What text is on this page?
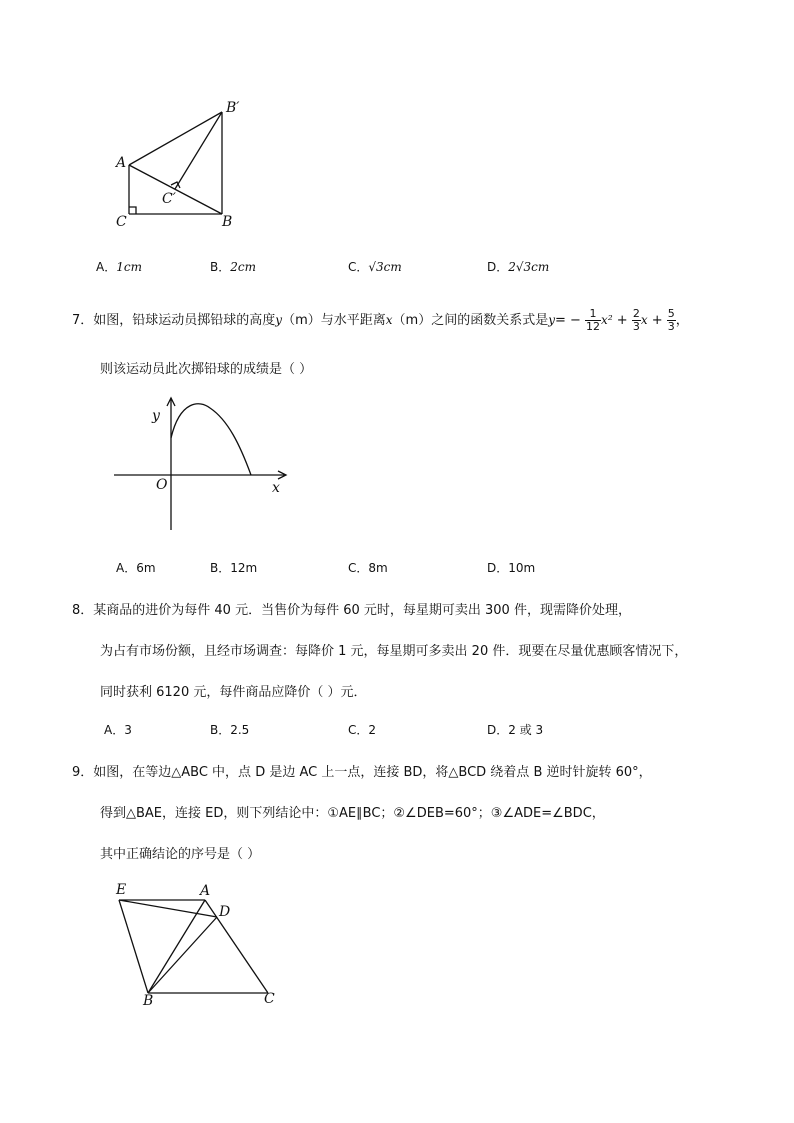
B′
A
C′
C	B
A．1cm	B．2cm	C．√3cm	D．2√3cm
7．如图，铅球运动员掷铅球的高度y（m）与水平距离x（m）之间的函数关系式是$y= - \frac{1}{12} x^2 + \frac{2}{3}$ $x + \frac{5}{3}$ ，
则该运动员此次掷铅球的成绩是（ ）
y
x
O
A．6m	B．12m	C．8m	D．10m
8．某商品的进价为每件 40 元．当售价为每件 60 元时，每星期可卖出 300 件，现需降价处理，
为占有市场份额，且经市场调查：每降价 1 元，每星期可多卖出 20 件．现要在尽量优惠顾客情况下，
同时获利 6120 元，每件商品应降价（ ）元．
A．3	B．2.5	C．2	D．2 或 3
9．如图，在等边△ABC 中，点 D 是边 AC 上一点，连接 BD，将△BCD 绕着点 B 逆时针旋转 60°，
得到△BAE，连接 ED，则下列结论中：①AE∥BC；②∠DEB=60°；③∠ADE=∠BDC，
其中正确结论的序号是（ ）
E	A
D
B	C
